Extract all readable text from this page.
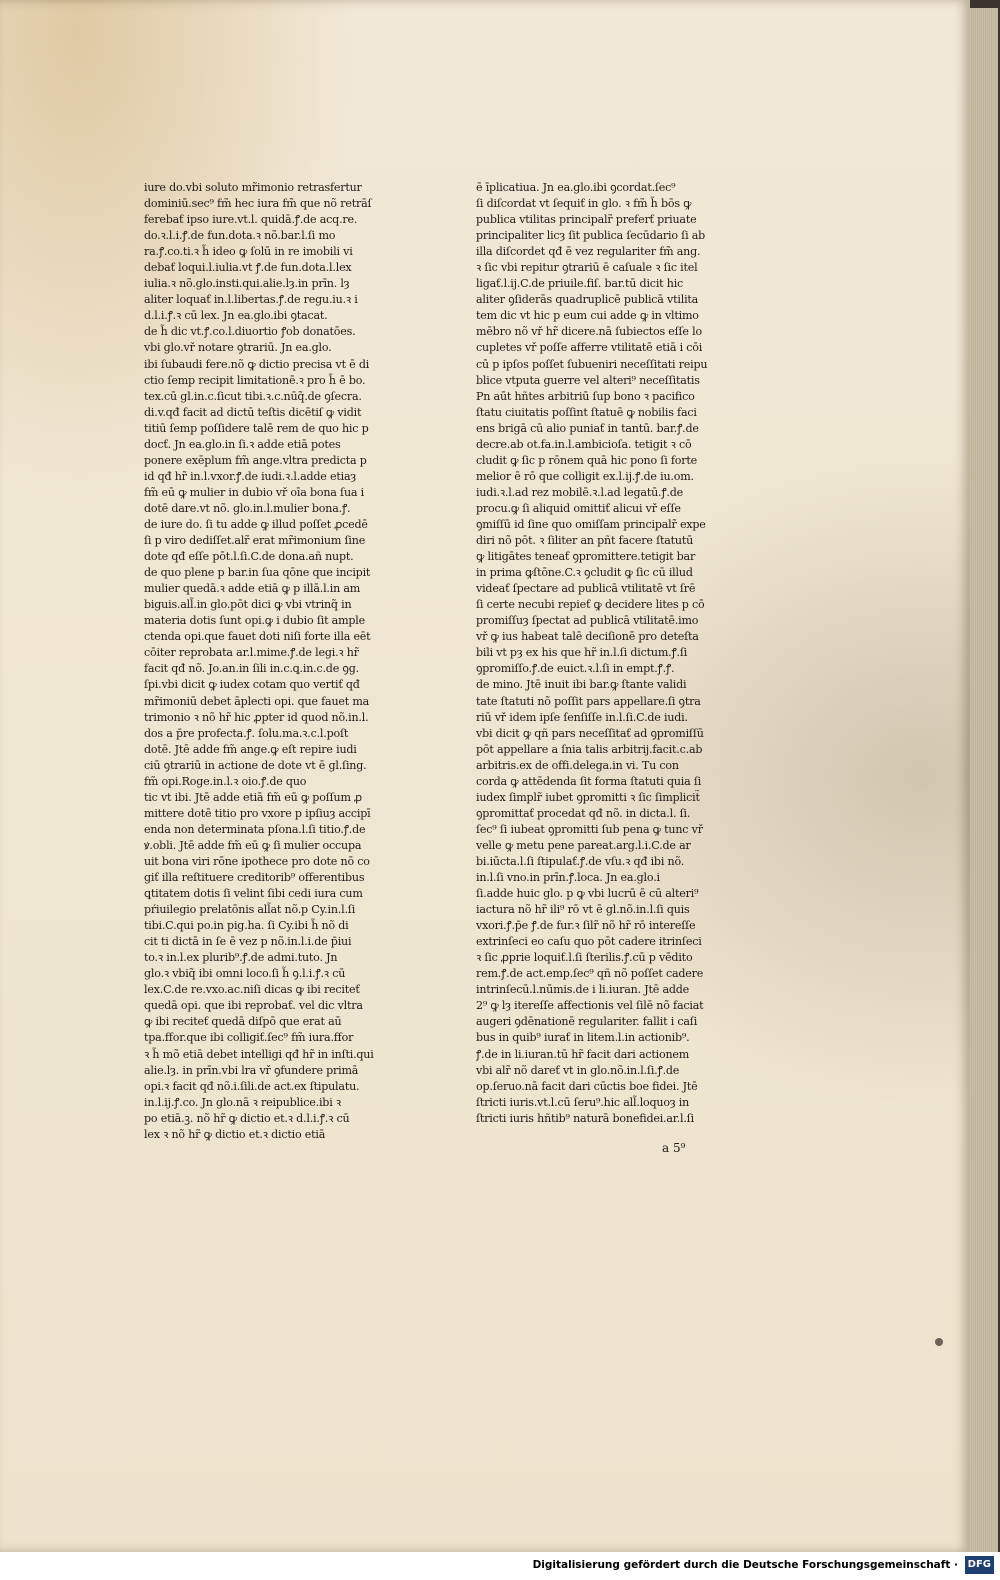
iure do.vbi soluto mr̃imonio retrasfertur
dominiū.sec⁹ fm̃ hec iura fm̃ que nõ retrāſ
ferebaƭ ipso iure.vt.l. quidā.ꝭ.de acq.re.
do.ꝛ.l.i.ꝭ.de fun.dota.ꝛ nõ.bar.l.ſi mo
ra.ꝭ.co.ti.ꝛ h̃ ideo ꝙ ſolū in re imobili vi
debaƭ loqui.l.iulia.vt ꝭ.de fun.dota.l.lex
iulia.ꝛ nõ.glo.insti.qui.alie.lȝ.in prīn. lȝ
aliter loquaƭ in.l.libertas.ꝭ.de regu.iu.ꝛ i
d.l.i.ꝭ.ꝛ cū lex. Jn ea.glo.ibi ꝯtacat.
de h̃ dic vt.ꝭ.co.l.diuortio ꝭob donatōes.
vbi glo.vř notare ꝯtrariū. Jn ea.glo.
ibi ſubaudi fere.nõ ꝙ dictio precisa vt ē di
ctio ſemp recipit limitationē.ꝛ pro h̃ ē bo.
tex.cū gl.in.c.ſicut tibi.ꝛ.c.nūq̃.de ꝯſecra.
di.v.qđ facit ad dictū teſtis dicētiſ ꝙ vidit
titiū ſemp poſſidere talē rem de quo hic p
docƭ. Jn ea.glo.in ſi.ꝛ adde etiā potes
ponere exēplum fm̃ ange.vltra predicta p
id qđ hr̃ in.l.vxor.ꝭ.de iudi.ꝛ.l.adde etiaȝ
fm̃ eū ꝙ mulier in dubio vř oīa bona ſua i
dotē dare.vt nõ. glo.in.l.mulier bona.ꝭ.
de iure do. ſi tu adde ꝙ illud poſſet ꝓcedē
ſi p viro dediſſet.alr̃ erat mr̃imonium ſine
dote qđ eſſe pōt.l.ſi.C.de dona.añ nupt.
de quo plene p bar.in ſua qōne que incipit
mulier quedā.ꝛ adde etiā ꝙ p illā.l.in am
biguis.all̃.in glo.pōt dici ꝙ vbi vtrinq̃ in
materia dotis ſunt opi.ꝙ i dubio ſit ample
ctenda opi.que fauet doti niſi forte illa eēt
cōiter reprobata ar.l.mime.ꝭ.de legi.ꝛ hr̃
facit qđ nõ. Jo.an.in ſili in.c.ꝗ.in.c.de ꝯg.
ſpi.vbi dicit ꝙ iudex cotam quo vertiƭ qđ
mr̃imoniū debet āplecti opi. que fauet ma
trimonio ꝛ nõ hr̃ hic ꝓpter id quod nõ.in.l.
dos a p̄re profecta.ꝭ. ſolu.ma.ꝛ.c.l.poſt
dotē. Jtē adde fm̃ ange.ꝙ eſt repire iudi
ciū ꝯtrariū in actione de dote vt ē gl.ſing.
fm̃ opi.Roge.in.l.ꝛ oio.ꝭ.de quo
tic vt ibi. Jtē adde etiā fm̃ eū ꝙ poſſum ꝓ
mittere dotē titio pro vxore p ipſiuȝ accipī
enda non determinata pſona.l.ſi titio.ꝭ.de
ꝟ.obli. Jtē adde fm̃ eū ꝙ ſi mulier occupa
uit bona viri rōne ipothece pro dote nō co
giƭ illa reſtituere creditorib⁹ offerentibus
ꝗtitatem dotis ſi velint ſibi cedi iura cum
pŕiuilegio prelatōnis all̃at nõ.p Cy.in.l.ſi
tibi.C.qui po.in pig.ha. ſi Cy.ibi h̃ nõ di
cit ti dictā in ſe ē vez p nõ.in.l.i.de p̄iui
to.ꝛ in.l.ex plurib⁹.ꝭ.de admi.tuto. Jn
glo.ꝛ vbiq̃ ibi omni loco.ſi h̃ ꝯ.l.i.ꝭ.ꝛ cū
lex.C.de re.vxo.ac.niſi dicas ꝙ ibi reciteƭ
quedā opi. que ibi reprobaƭ. vel dic vltra
ꝙ ibi reciteƭ quedā diſpō que erat aū
tpa.ffor.que ibi colligiƭ.ſec⁹ fm̃ iura.ffor
ꝛ h̃ mõ etiā debet intelligi qđ hr̃ in inſti.qui
alie.lȝ. in prīn.vbi lra vř ꝯfundere primā
opi.ꝛ facit qđ nõ.i.ſili.de act.ex ſtipulatu.
in.l.ij.ꝭ.co. Jn glo.nā ꝛ reipublice.ibi ꝛ
po etiā.ꝫ. nõ hr̃ ꝙ dictio et.ꝛ d.l.i.ꝭ.ꝛ cū
lex ꝛ nõ hr̃ ꝙ dictio et.ꝛ dictio etiā
ē īplicatiua. Jn ea.glo.ibi ꝯcordat.ſec⁹
ſi diſcordat vt ſequiƭ in glo. ꝛ fm̃ h̃ bōs ꝙ
publica vtilitas principalr̃ preferƭ priuate
principaliter licȝ ſit publica ſecūdario ſi ab
illa diſcordet qđ ē vez regulariter fm̃ ang.
ꝛ ſic vbi repitur ꝯtrariū ē caſuale ꝛ ſic itel
ligaƭ.l.ij.C.de priuile.fiſ. bar.tū dicit hic
aliter ꝯſiderās quadruplicē publicā vtilita
tem dic vt hic p eum cui adde ꝙ in vltimo
mēbro nõ vř hr̃ dicere.nā ſubiectos eſſe lo
cupletes vř poſſe afferre vtilitatē etiā i cōi
cū p ipſos poſſet ſubueniri neceſſitati reipu
blice vtputa guerre vel alteri⁹ neceſſitatis
Pn aūt hñtes arbitriū ſup bono ꝛ pacifico
ſtatu ciuitatis poſſint ſtatuē ꝙ nobilis faci
ens brigā cū alio puniaƭ in tantū. bar.ꝭ.de
decre.ab ot.fa.in.l.ambicioſa. tetigit ꝛ cō
cludit ꝙ ſic p rōnem quā hic pono ſi forte
melior ē rō que colligit ex.l.ij.ꝭ.de iu.om.
iudi.ꝛ.l.ad rez mobilē.ꝛ.l.ad legatū.ꝭ.de
procu.ꝙ ſi aliquid omittiƭ alicui vř eſſe
ꝯmiſſū id ſine quo omiſſam principalr̃ expe
diri nõ pōt. ꝛ ſiliter an pñt facere ſtatutū
ꝙ litigātes teneaƭ ꝯpromittere.tetigit bar
in prima ꝙſtōne.C.ꝛ ꝯcludit ꝙ ſic cū illud
videaƭ ſpectare ad publicā vtilitatē vt ſrē
ſi certe necubi repieƭ ꝙ decidere lites p cō
promiſſuȝ ſpectat ad publicā vtilitatē.imo
vř ꝙ ius habeat talē deciſionē pro deteſta
bili vt pȝ ex his que hr̃ in.l.ſi dictum.ꝭ.ſi
ꝯpromiſſo.ꝭ.de euict.ꝛ.l.ſi in empt.ꝭ.ꝭ.
de mino. Jtē inuit ibi bar.ꝙ ſtante validi
tate ſtatuti nõ poſſit pars appellare.ſi ꝯtra
riū vř idem ipſe ſenſiſſe in.l.ſi.C.de iudi.
vbi dicit ꝙ qñ pars neceſſitaƭ ad ꝯpromiſſū
pōt appellare a ſnia talis arbitrij.facit.c.ab
arbitris.ex de offi.delega.in vi. Tu con
corda ꝙ attēdenda ſit forma ſtatuti quia ſi
iudex ſimplr̃ iubet ꝯpromitti ꝛ ſic ſimplicit̃
ꝯpromittaƭ procedat qđ nõ. in dicta.l. ſi.
ſec⁹ ſi iubeat ꝯpromitti ſub pena ꝙ tunc vř
velle ꝙ metu pene pareat.arg.l.i.C.de ar
bi.iūcta.l.ſi ſtipulaƭ.ꝭ.de vſu.ꝛ qđ ibi nõ.
in.l.ſi vno.in prīn.ꝭ.loca. Jn ea.glo.i
ſi.adde huic glo. p ꝙ vbi lucrū ē cū alteri⁹
iactura nõ hr̃ ili⁹ rō vt ē gl.nõ.in.l.ſi quis
vxori.ꝭ.p̄e ꝭ.de fur.ꝛ ſilr̃ nõ hr̃ rō intereſſe
extrinſeci eo caſu quo pōt cadere itrinſeci
ꝛ ſic ꝓprie loquiƭ.l.ſi ſterilis.ꝭ.cū p vēdito
rem.ꝭ.de act.emp.ſec⁹ qñ nõ poſſet cadere
intrinſecū.l.nūmis.de i li.iuran. Jtē adde
2⁹ ꝙ lȝ itereſſe affectionis vel ſilē nõ faciat
augeri ꝯdēnationē regulariter. fallit i caſi
bus in quib⁹ iuraƭ in litem.l.in actionib⁹.
ꝭ.de in li.iuran.tū hr̃ facit dari actionem
vbi alr̃ nõ dareƭ vt in glo.nõ.in.l.ſi.ꝭ.de
op.ſeruo.nā facit dari cūctis boe fidei. Jtē
ſtricti iuris.vt.l.cū ſeru⁹.hic all̃.loquoȝ in
ſtricti iuris hñtib⁹ naturā bonefidei.ar.l.ſi
a 5⁹
Digitalisierung gefördert durch die Deutsche Forschungsgemeinschaft · DFG
